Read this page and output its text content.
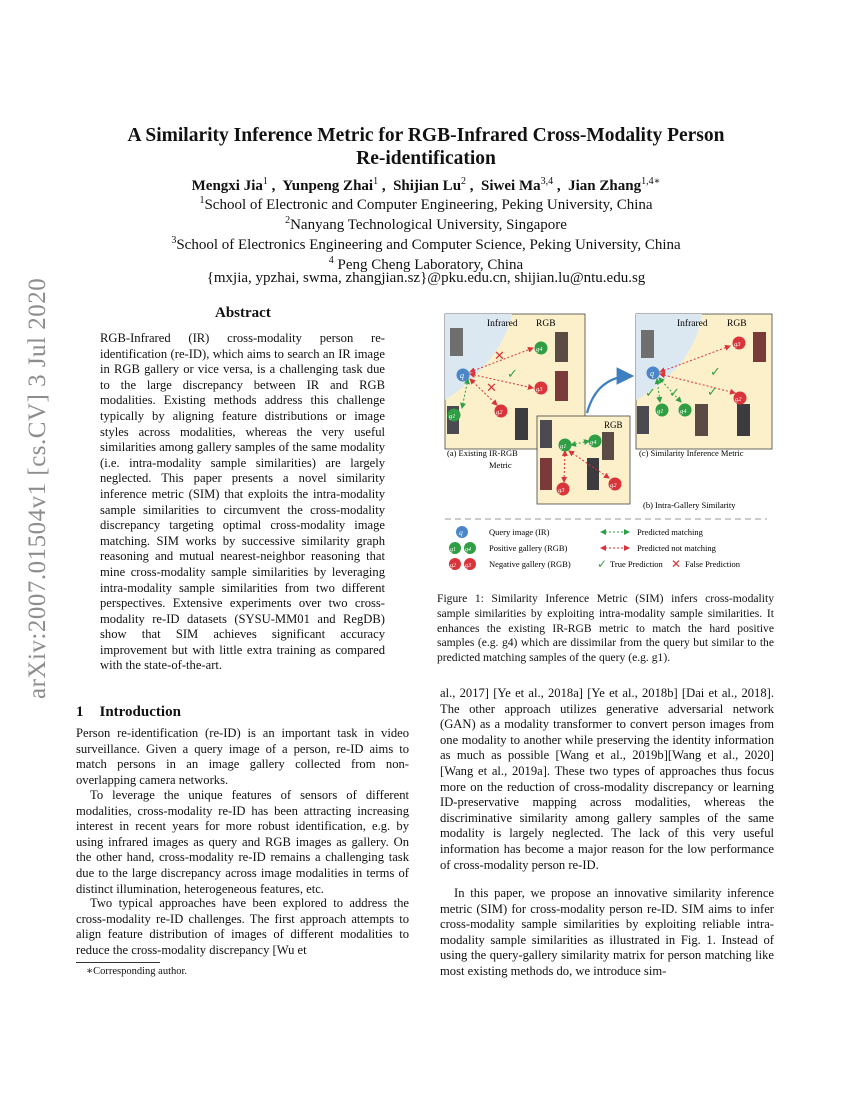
arXiv:2007.01504v1 [cs.CV] 3 Jul 2020
A Similarity Inference Metric for RGB-Infrared Cross-Modality Person
Re-identification
Mengxi Jia$^1$ ,  Yunpeng Zhai$^1$ ,  Shijian Lu$^2$ ,  Siwei Ma$^{3,4}$ ,  Jian Zhang$^{1,4∗}$
$^1$School of Electronic and Computer Engineering, Peking University, China
$^2$Nanyang Technological University, Singapore
$^3$School of Electronics Engineering and Computer Science, Peking University, China
$^4$ Peng Cheng Laboratory, China
{mxjia, ypzhai, swma, zhangjian.sz}@pku.edu.cn, shijian.lu@ntu.edu.sg
Abstract
RGB-Infrared (IR) cross-modality person re-identification (re-ID), which aims to search an IR image in RGB gallery or vice versa, is a challenging task due to the large discrepancy between IR and RGB modalities. Existing methods address this challenge typically by aligning feature distributions or image styles across modalities, whereas the very useful similarities among gallery samples of the same modality (i.e. intra-modality sample similarities) are largely neglected. This paper presents a novel similarity inference metric (SIM) that exploits the intra-modality sample similarities to circumvent the cross-modality discrepancy targeting optimal cross-modality image matching. SIM works by successive similarity graph reasoning and mutual nearest-neighbor reasoning that mine cross-modality sample similarities by leveraging intra-modality sample similarities from two different perspectives. Extensive experiments over two cross-modality re-ID datasets (SYSU-MM01 and RegDB) show that SIM achieves significant accuracy improvement but with little extra training as compared with the state-of-the-art.
1 Introduction
Person re-identification (re-ID) is an important task in video surveillance. Given a query image of a person, re-ID aims to match persons in an image gallery collected from non-overlapping camera networks.
To leverage the unique features of sensors of different modalities, cross-modality re-ID has been attracting increasing interest in recent years for more robust identification, e.g. by using infrared images as query and RGB images as gallery. On the other hand, cross-modality re-ID remains a challenging task due to the large discrepancy across image modalities in terms of distinct illumination, heterogeneous features, etc.
Two typical approaches have been explored to address the cross-modality re-ID challenges. The first approach attempts to align feature distribution of images of different modalities to reduce the cross-modality discrepancy [Wu et
∗Corresponding author.
Infrared RGB
✕
✕
✓
q
g4
g3
g1
g2
(a) Existing IR-RGB
Metric
RGB
g1
g4
g3
g2
(b) Intra-Gallery Similarity
Infrared RGB
✓
✓
✓ ✓
q
g3
g2
g1	g4
(c) Similarity Inference Metric
q	Query image (IR)
g1 g4 Positive gallery (RGB)
g2 g3 Negative gallery (RGB)
Predicted matching
Predicted not matching
✓ True Prediction ✕ False Prediction
Figure 1: Similarity Inference Metric (SIM) infers cross-modality sample similarities by exploiting intra-modality sample similarities. It enhances the existing IR-RGB metric to match the hard positive samples (e.g. g4) which are dissimilar from the query but similar to the predicted matching samples of the query (e.g. g1).
al., 2017] [Ye et al., 2018a] [Ye et al., 2018b] [Dai et al., 2018]. The other approach utilizes generative adversarial network (GAN) as a modality transformer to convert person images from one modality to another while preserving the identity information as much as possible [Wang et al., 2019b][Wang et al., 2020][Wang et al., 2019a]. These two types of approaches thus focus more on the reduction of cross-modality discrepancy or learning ID-preservative mapping across modalities, whereas the discriminative similarity among gallery samples of the same modality is largely neglected. The lack of this very useful information has become a major reason for the low performance of cross-modality person re-ID.
In this paper, we propose an innovative similarity inference metric (SIM) for cross-modality person re-ID. SIM aims to infer cross-modality sample similarities by exploiting reliable intra-modality sample similarities as illustrated in Fig. 1. Instead of using the query-gallery similarity matrix for person matching like most existing methods do, we introduce sim-
